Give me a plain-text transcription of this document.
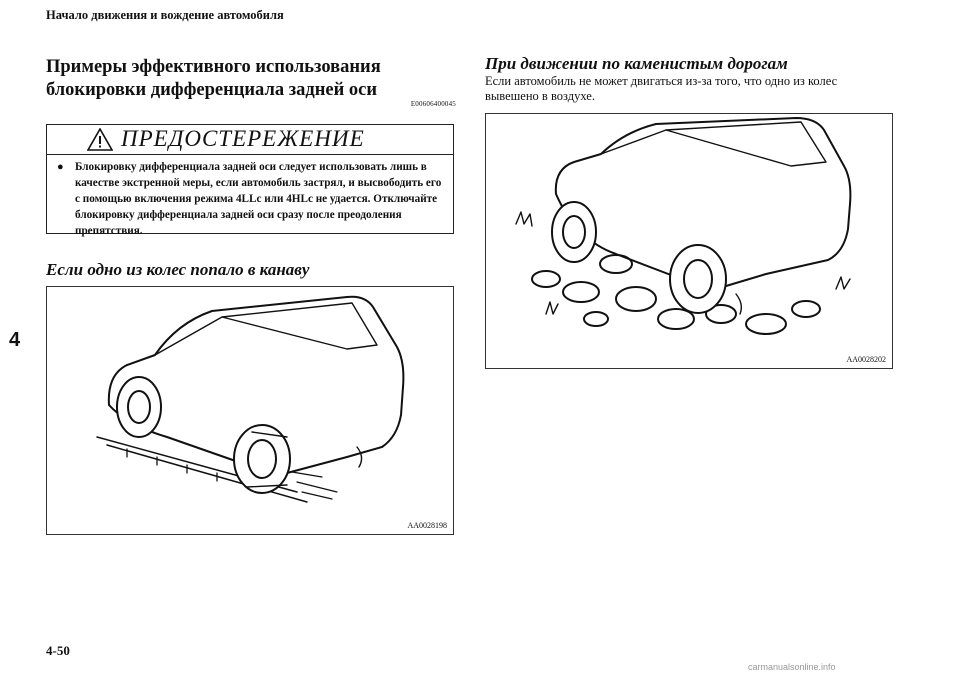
Начало движения и вождение автомобиля
4
Примеры эффективного использования
блокировки дифференциала задней оси
E00606400045
ПРЕДОСТЕРЕЖЕНИЕ
● Блокировку дифференциала задней оси следует использовать лишь в качестве экстренной меры, если автомобиль застрял, и высвободить его с помощью включения режима 4LLc или 4HLc не удается. Отключайте блокировку дифференциала задней оси сразу после преодоления препятствия.
Если одно из колес попало в канаву
AA0028198
При движении по каменистым дорогам
Если автомобиль не может двигаться из-за того, что одно из колес вывешено в воздухе.
AA0028202
4-50
carmanualsonline.info
